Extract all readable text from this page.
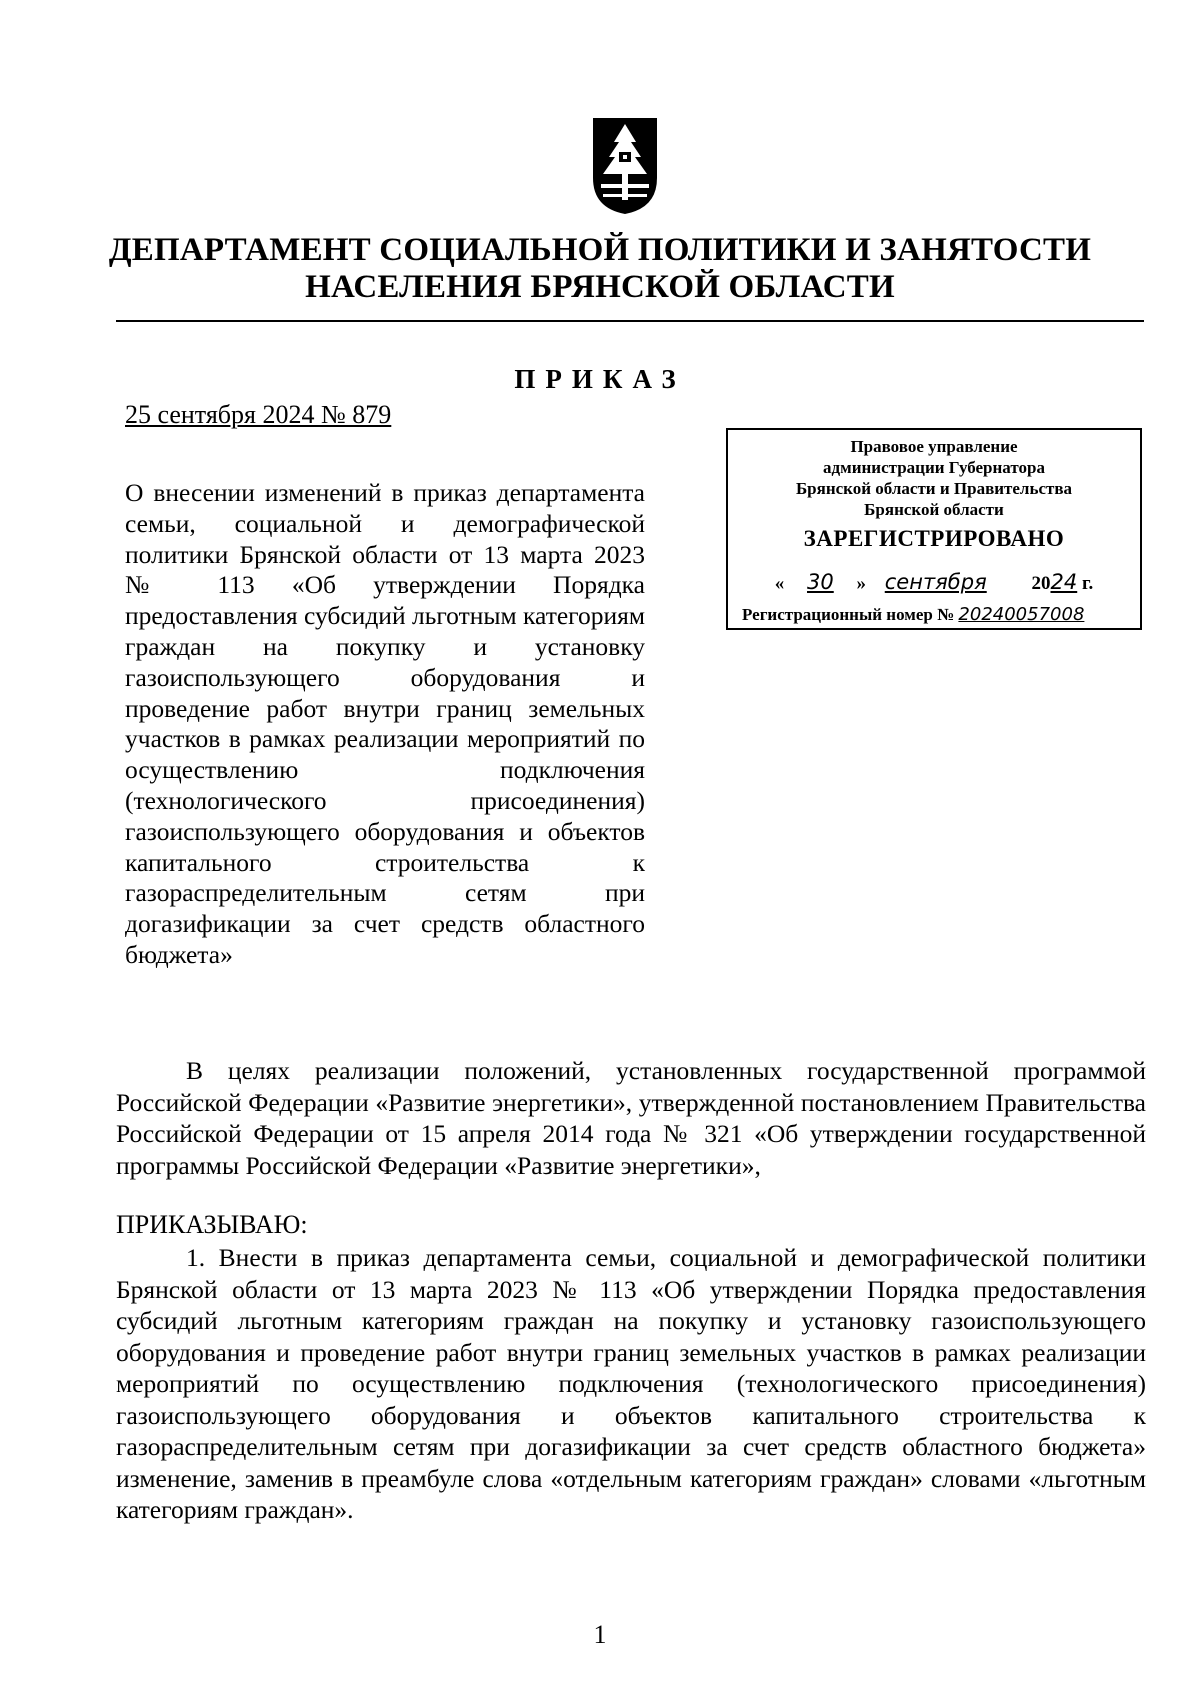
ДЕПАРТАМЕНТ СОЦИАЛЬНОЙ ПОЛИТИКИ И ЗАНЯТОСТИ НАСЕЛЕНИЯ БРЯНСКОЙ ОБЛАСТИ
ПРИКАЗ
25 сентября 2024 № 879
Правовое управление
администрации Губернатора
Брянской области и Правительства
Брянской области
ЗАРЕГИСТРИРОВАНО
« 30 » сентября 2024 г.
Регистрационный номер № 20240057008
О внесении изменений в приказ департамента семьи, социальной и демографической политики Брянской области от 13 марта 2023 № 113 «Об утверждении Порядка предоставления субсидий льготным категориям граждан на покупку и установку газоиспользующего оборудования и проведение работ внутри границ земельных участков в рамках реализации мероприятий по осуществлению подключения (технологического присоединения) газоиспользующего оборудования и объектов капитального строительства к газораспределительным сетям при догазификации за счет средств областного бюджета»
В целях реализации положений, установленных государственной программой Российской Федерации «Развитие энергетики», утвержденной постановлением Правительства Российской Федерации от 15 апреля 2014 года № 321 «Об утверждении государственной программы Российской Федерации «Развитие энергетики»,
ПРИКАЗЫВАЮ:
1. Внести в приказ департамента семьи, социальной и демографической политики Брянской области от 13 марта 2023 № 113 «Об утверждении Порядка предоставления субсидий льготным категориям граждан на покупку и установку газоиспользующего оборудования и проведение работ внутри границ земельных участков в рамках реализации мероприятий по осуществлению подключения (технологического присоединения) газоиспользующего оборудования и объектов капитального строительства к газораспределительным сетям при догазификации за счет средств областного бюджета» изменение, заменив в преамбуле слова «отдельным категориям граждан» словами «льготным категориям граждан».
1
